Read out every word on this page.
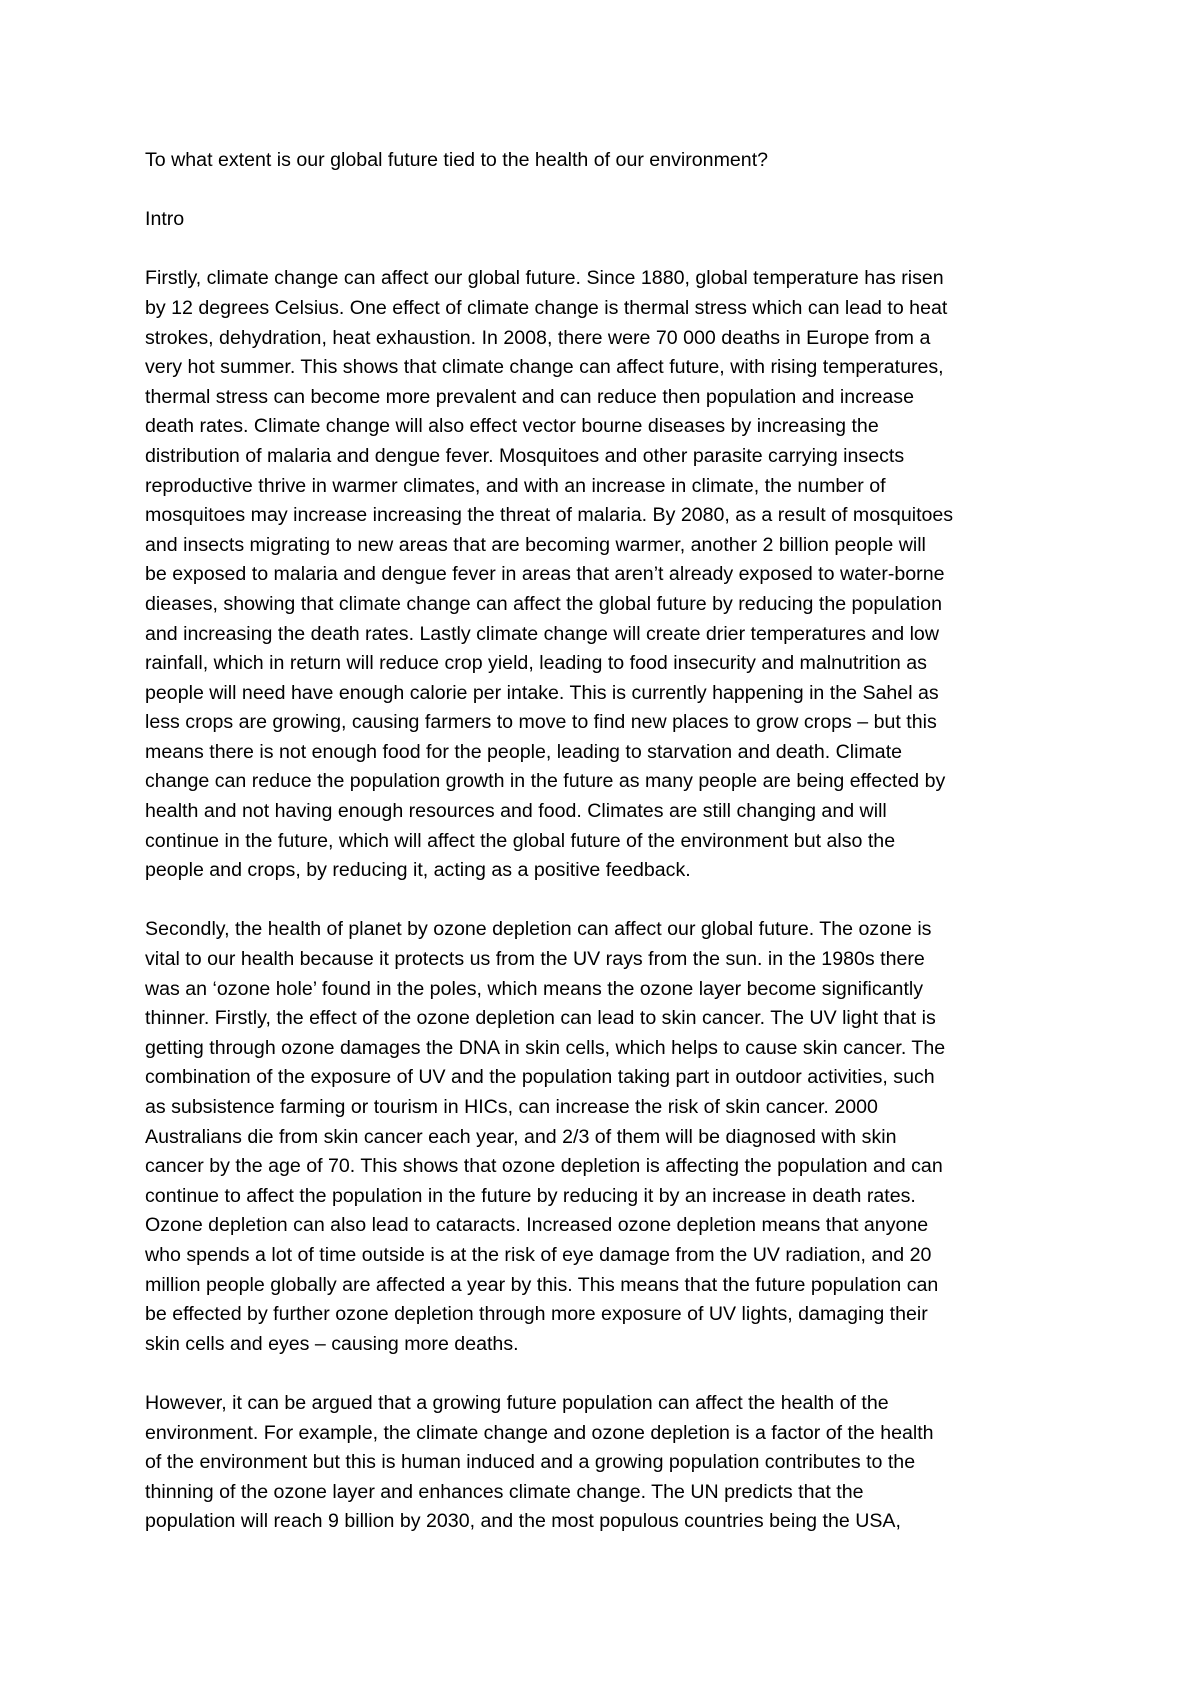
To what extent is our global future tied to the health of our environment?

Intro

Firstly, climate change can affect our global future. Since 1880, global temperature has risen

by 12 degrees Celsius. One effect of climate change is thermal stress which can lead to heat

strokes, dehydration, heat exhaustion. In 2008, there were 70 000 deaths in Europe from a

very hot summer. This shows that climate change can affect future, with rising temperatures,

thermal stress can become more prevalent and can reduce then population and increase

death rates. Climate change will also effect vector bourne diseases by increasing the

distribution of malaria and dengue fever. Mosquitoes and other parasite carrying insects

reproductive thrive in warmer climates, and with an increase in climate, the number of

mosquitoes may increase increasing the threat of malaria. By 2080, as a result of mosquitoes

and insects migrating to new areas that are becoming warmer, another 2 billion people will

be exposed to malaria and dengue fever in areas that aren’t already exposed to water-borne

dieases, showing that climate change can affect the global future by reducing the population

and increasing the death rates. Lastly climate change will create drier temperatures and low

rainfall, which in return will reduce crop yield, leading to food insecurity and malnutrition as

people will need have enough calorie per intake. This is currently happening in the Sahel as

less crops are growing, causing farmers to move to find new places to grow crops – but this

means there is not enough food for the people, leading to starvation and death. Climate

change can reduce the population growth in the future as many people are being effected by

health and not having enough resources and food. Climates are still changing and will

continue in the future, which will affect the global future of the environment but also the

people and crops, by reducing it, acting as a positive feedback.

Secondly, the health of planet by ozone depletion can affect our global future. The ozone is

vital to our health because it protects us from the UV rays from the sun. in the 1980s there

was an ‘ozone hole’ found in the poles, which means the ozone layer become significantly

thinner. Firstly, the effect of the ozone depletion can lead to skin cancer. The UV light that is

getting through ozone damages the DNA in skin cells, which helps to cause skin cancer. The

combination of the exposure of UV and the population taking part in outdoor activities, such

as subsistence farming or tourism in HICs, can increase the risk of skin cancer. 2000

Australians die from skin cancer each year, and 2/3 of them will be diagnosed with skin

cancer by the age of 70. This shows that ozone depletion is affecting the population and can

continue to affect the population in the future by reducing it by an increase in death rates.

Ozone depletion can also lead to cataracts. Increased ozone depletion means that anyone

who spends a lot of time outside is at the risk of eye damage from the UV radiation, and 20

million people globally are affected a year by this. This means that the future population can

be effected by further ozone depletion through more exposure of UV lights, damaging their

skin cells and eyes – causing more deaths.

However, it can be argued that a growing future population can affect the health of the

environment. For example, the climate change and ozone depletion is a factor of the health

of the environment but this is human induced and a growing population contributes to the

thinning of the ozone layer and enhances climate change. The UN predicts that the

population will reach 9 billion by 2030, and the most populous countries being the USA,
